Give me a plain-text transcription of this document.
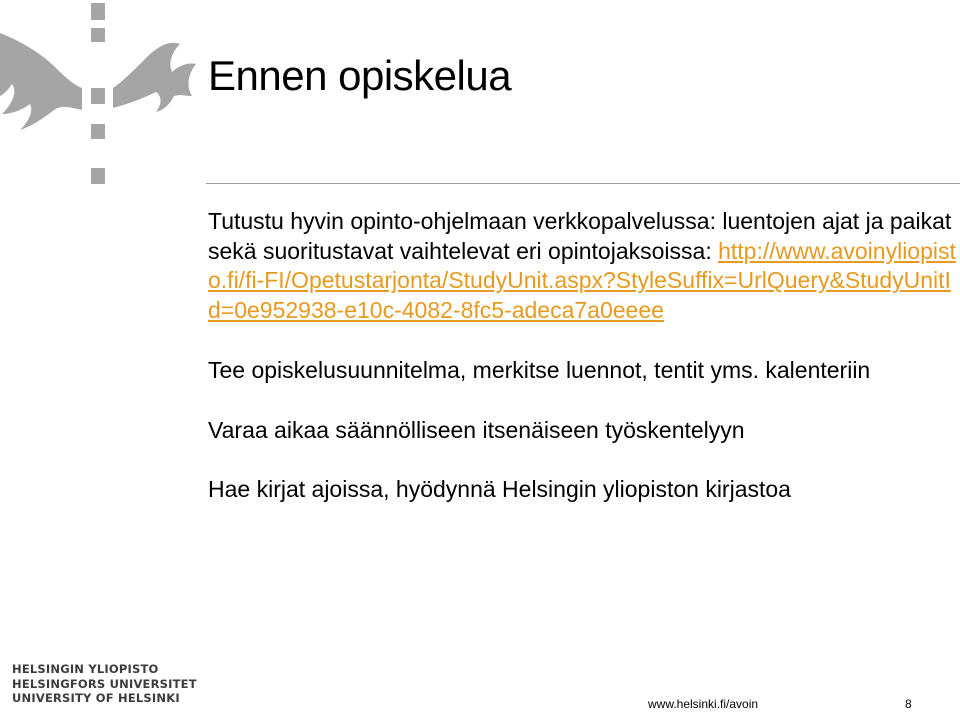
Ennen opiskelua

Tutustu hyvin opinto-ohjelmaan verkkopalvelussa: luentojen ajat ja paikat sekä suoritustavat vaihtelevat eri opintojaksoissa: http://www.avoinyliopisto.fi/fi-FI/Opetustarjonta/StudyUnit.aspx?StyleSuffix=UrlQuery&StudyUnitId=0e952938-e10c-4082-8fc5-adeca7a0eeee

Tee opiskelusuunnitelma, merkitse luennot, tentit yms. kalenteriin

Varaa aikaa säännölliseen itsenäiseen työskentelyyn

Hae kirjat ajoissa, hyödynnä Helsingin yliopiston kirjastoa

HELSINGIN YLIOPISTO
HELSINGFORS UNIVERSITET
UNIVERSITY OF HELSINKI	www.helsinki.fi/avoin	8
